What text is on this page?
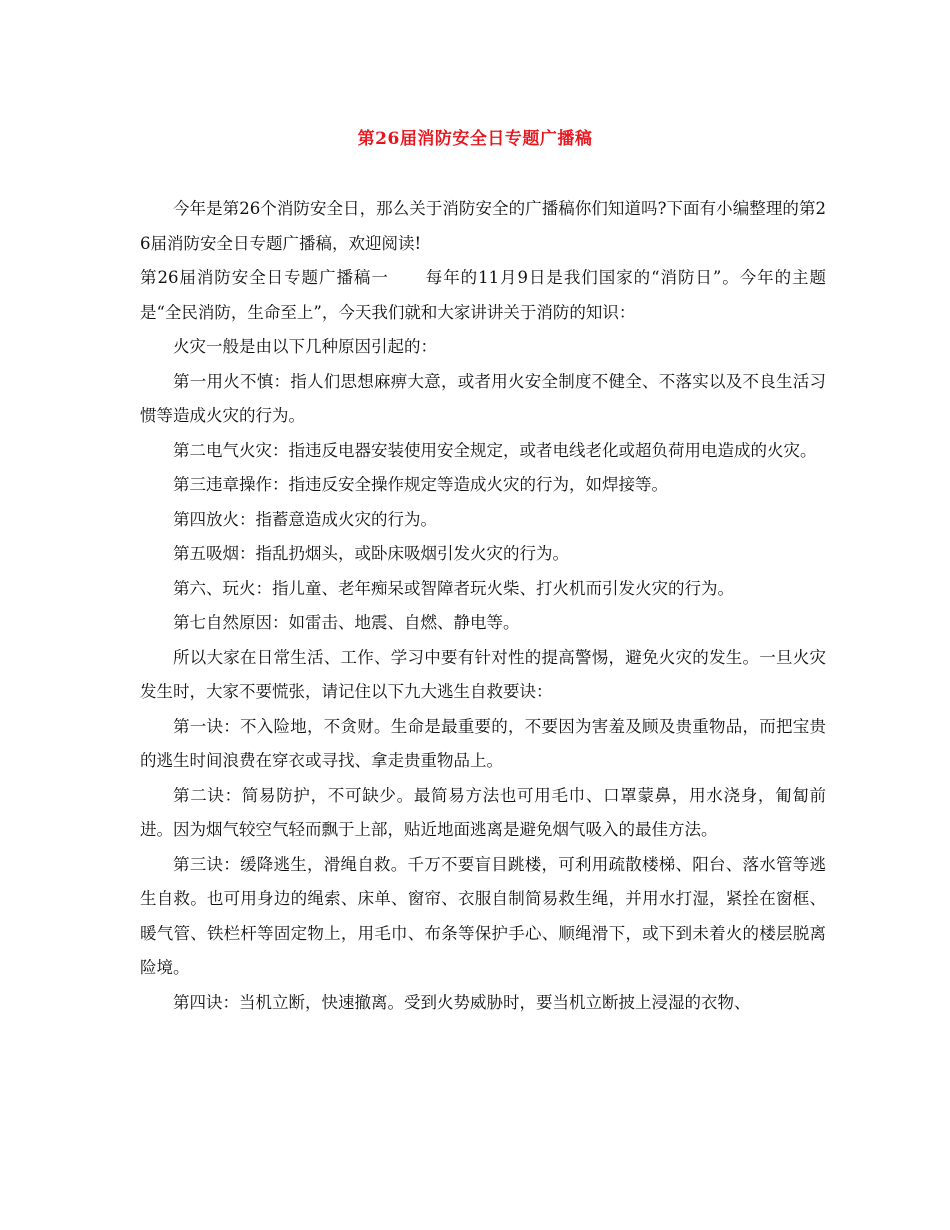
第26届消防安全日专题广播稿

今年是第26个消防安全日，那么关于消防安全的广播稿你们知道吗?下面有小编整理的第26届消防安全日专题广播稿，欢迎阅读!

第26届消防安全日专题广播稿一 每年的11月9日是我们国家的“消防日”。今年的主题是“全民消防，生命至上”，今天我们就和大家讲讲关于消防的知识：

火灾一般是由以下几种原因引起的：

第一用火不慎：指人们思想麻痹大意，或者用火安全制度不健全、不落实以及不良生活习惯等造成火灾的行为。

第二电气火灾：指违反电器安装使用安全规定，或者电线老化或超负荷用电造成的火灾。

第三违章操作：指违反安全操作规定等造成火灾的行为，如焊接等。

第四放火：指蓄意造成火灾的行为。

第五吸烟：指乱扔烟头，或卧床吸烟引发火灾的行为。

第六、玩火：指儿童、老年痴呆或智障者玩火柴、打火机而引发火灾的行为。

第七自然原因：如雷击、地震、自燃、静电等。

所以大家在日常生活、工作、学习中要有针对性的提高警惕，避免火灾的发生。一旦火灾发生时，大家不要慌张，请记住以下九大逃生自救要诀：

第一诀：不入险地，不贪财。生命是最重要的，不要因为害羞及顾及贵重物品，而把宝贵的逃生时间浪费在穿衣或寻找、拿走贵重物品上。

第二诀：简易防护，不可缺少。最简易方法也可用毛巾、口罩蒙鼻，用水浇身，匍匐前进。因为烟气较空气轻而飘于上部，贴近地面逃离是避免烟气吸入的最佳方法。

第三诀：缓降逃生，滑绳自救。千万不要盲目跳楼，可利用疏散楼梯、阳台、落水管等逃生自救。也可用身边的绳索、床单、窗帘、衣服自制简易救生绳，并用水打湿，紧拴在窗框、暖气管、铁栏杆等固定物上，用毛巾、布条等保护手心、顺绳滑下，或下到未着火的楼层脱离险境。

第四诀：当机立断，快速撤离。受到火势威胁时，要当机立断披上浸湿的衣物、
